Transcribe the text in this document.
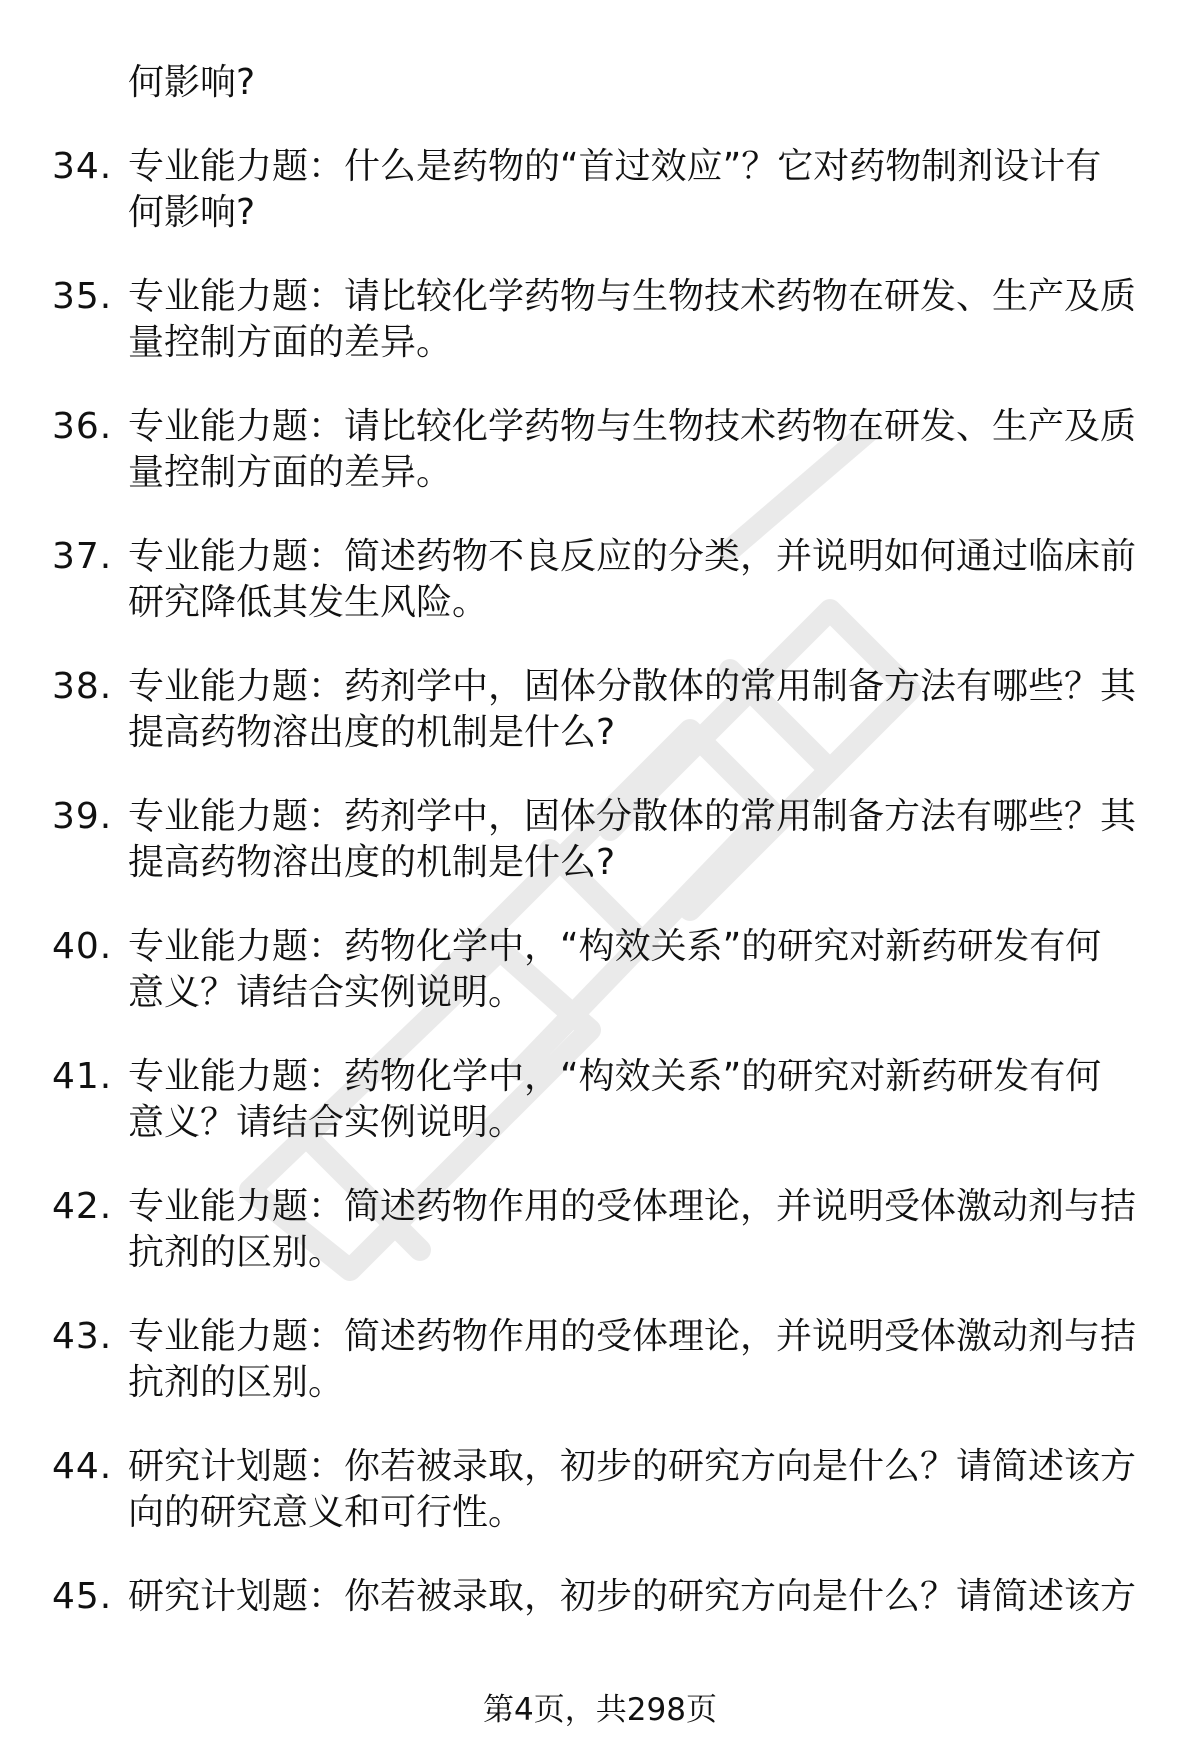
何影响?
34. 专业能力题：什么是药物的“首过效应”？它对药物制剂设计有
何影响?
35. 专业能力题：请比较化学药物与生物技术药物在研发、生产及质
量控制方面的差异。
36. 专业能力题：请比较化学药物与生物技术药物在研发、生产及质
量控制方面的差异。
37. 专业能力题：简述药物不良反应的分类，并说明如何通过临床前
研究降低其发生风险。
38. 专业能力题：药剂学中，固体分散体的常用制备方法有哪些？其
提高药物溶出度的机制是什么?
39. 专业能力题：药剂学中，固体分散体的常用制备方法有哪些？其
提高药物溶出度的机制是什么?
40. 专业能力题：药物化学中，“构效关系”的研究对新药研发有何
意义？请结合实例说明。
41. 专业能力题：药物化学中，“构效关系”的研究对新药研发有何
意义？请结合实例说明。
42. 专业能力题：简述药物作用的受体理论，并说明受体激动剂与拮
抗剂的区别。
43. 专业能力题：简述药物作用的受体理论，并说明受体激动剂与拮
抗剂的区别。
44. 研究计划题：你若被录取，初步的研究方向是什么？请简述该方
向的研究意义和可行性。
45. 研究计划题：你若被录取，初步的研究方向是什么？请简述该方
第4页，共298页
